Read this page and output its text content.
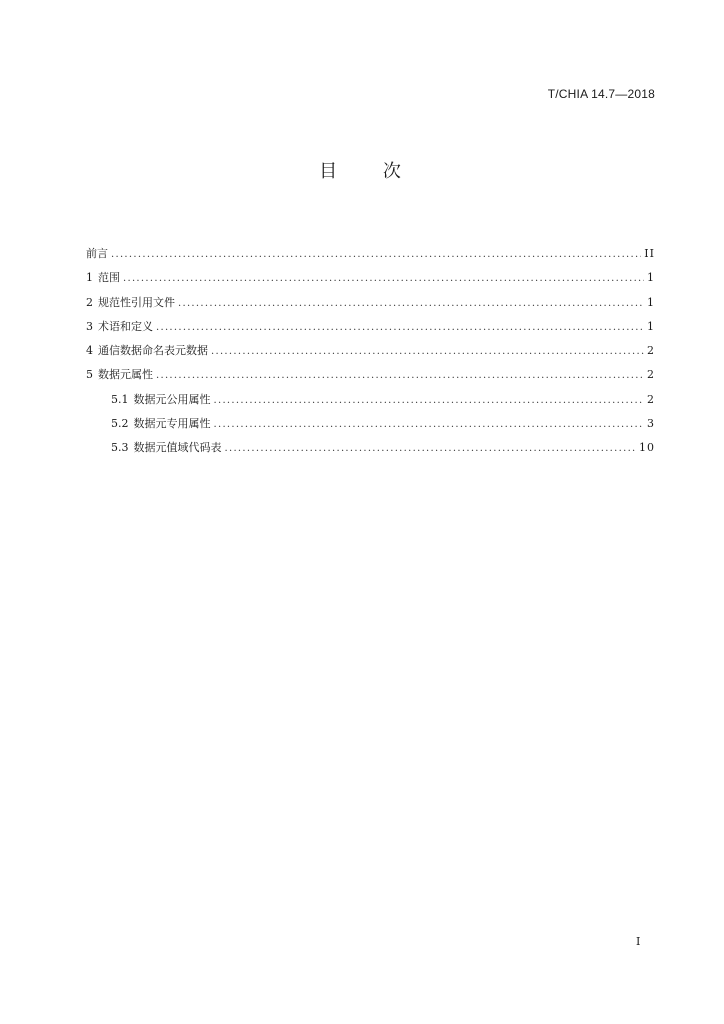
T/CHIA 14.7—2018
目 次
前言 .....	II
1 范围 .....	1
2 规范性引用文件 .....	1
3 术语和定义 .....	1
4 通信数据命名表元数据 .....	2
5 数据元属性 .....	2
5.1 数据元公用属性 .....	2
5.2 数据元专用属性 .....	3
5.3 数据元值域代码表 .....	10
I
